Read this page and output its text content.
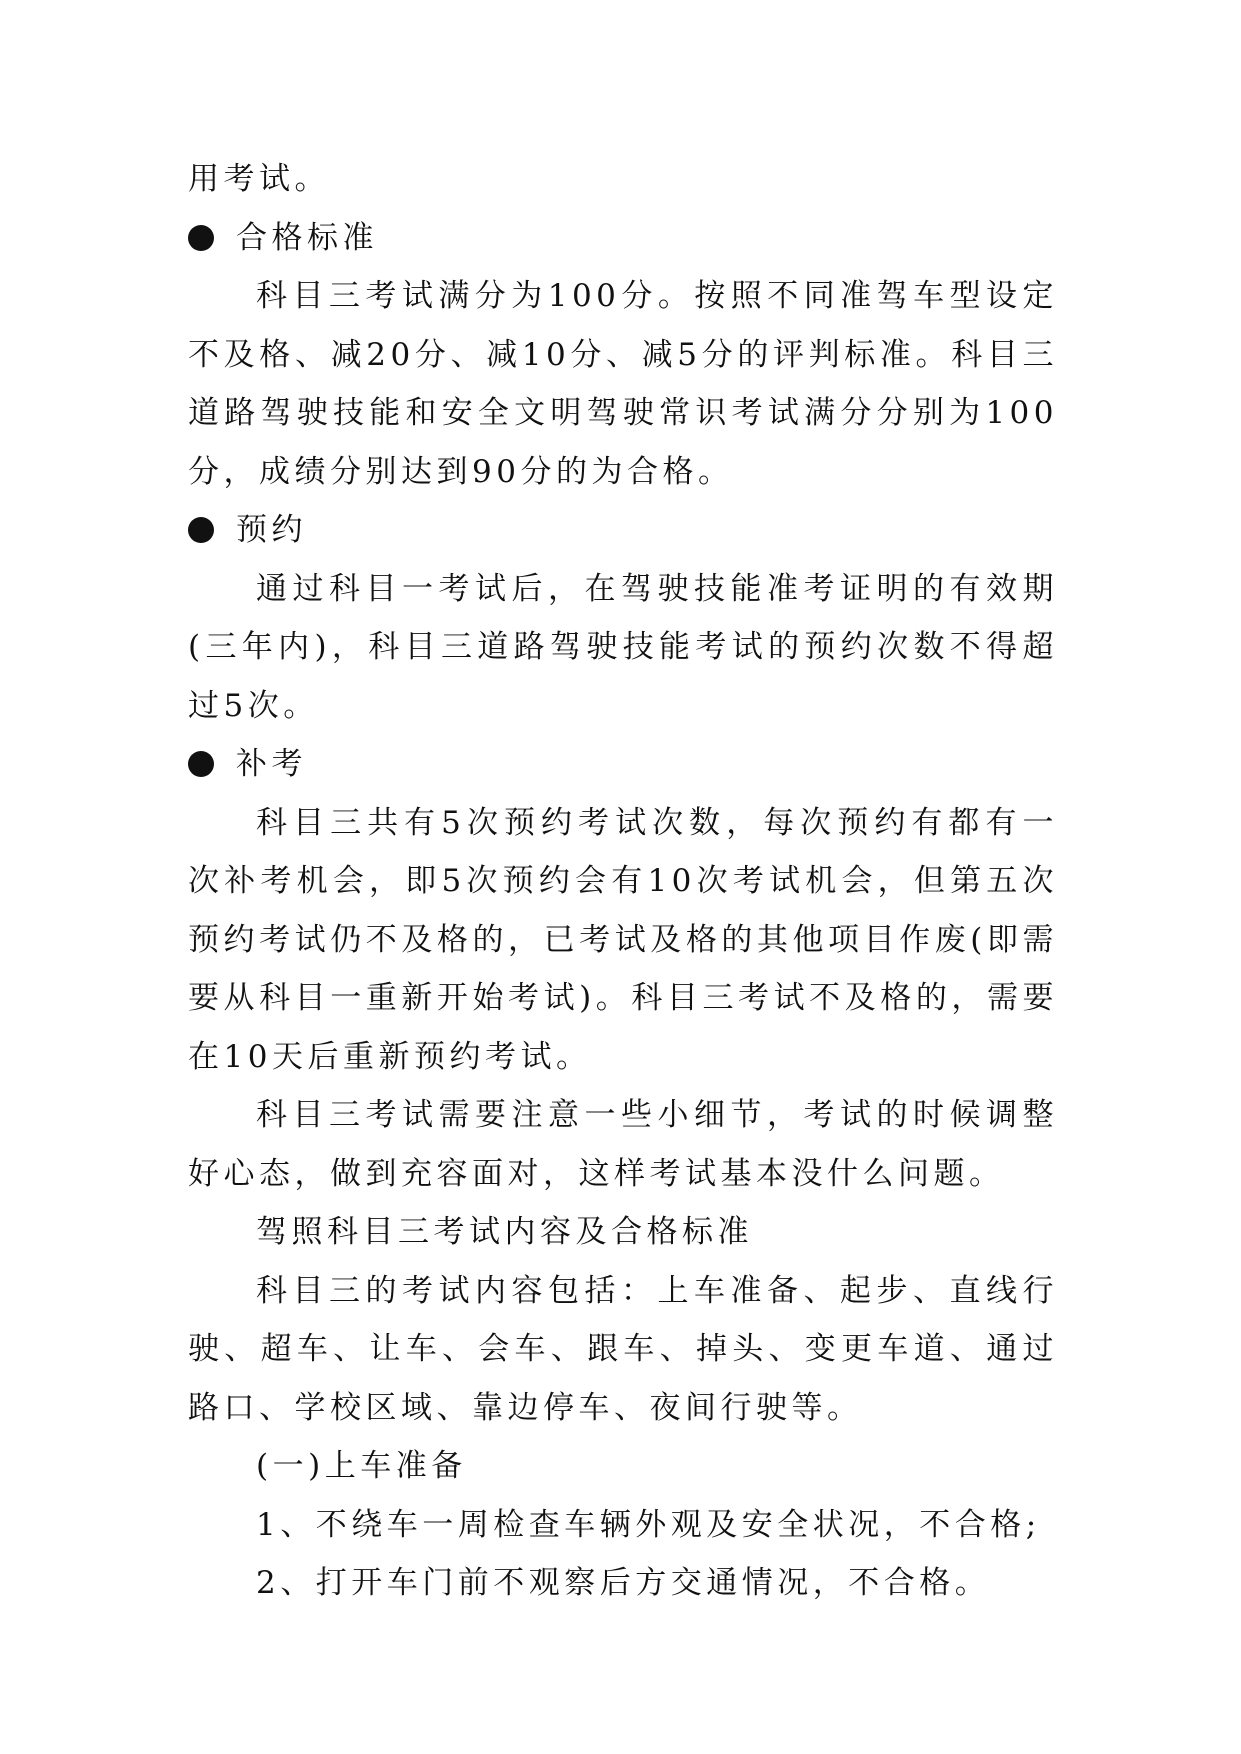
用考试。

合格标准

科目三考试满分为100分。按照不同准驾车型设定不及格、减20分、减10分、减5分的评判标准。科目三道路驾驶技能和安全文明驾驶常识考试满分分别为100分，成绩分别达到90分的为合格。

预约

通过科目一考试后，在驾驶技能准考证明的有效期(三年内)，科目三道路驾驶技能考试的预约次数不得超过5次。

补考

科目三共有5次预约考试次数，每次预约有都有一次补考机会，即5次预约会有10次考试机会，但第五次预约考试仍不及格的，已考试及格的其他项目作废(即需要从科目一重新开始考试)。科目三考试不及格的，需要在10天后重新预约考试。

科目三考试需要注意一些小细节，考试的时候调整好心态，做到充容面对，这样考试基本没什么问题。

驾照科目三考试内容及合格标准

科目三的考试内容包括：上车准备、起步、直线行驶、超车、让车、会车、跟车、掉头、变更车道、通过路口、学校区域、靠边停车、夜间行驶等。

(一)上车准备

1、不绕车一周检查车辆外观及安全状况，不合格;

2、打开车门前不观察后方交通情况，不合格。
